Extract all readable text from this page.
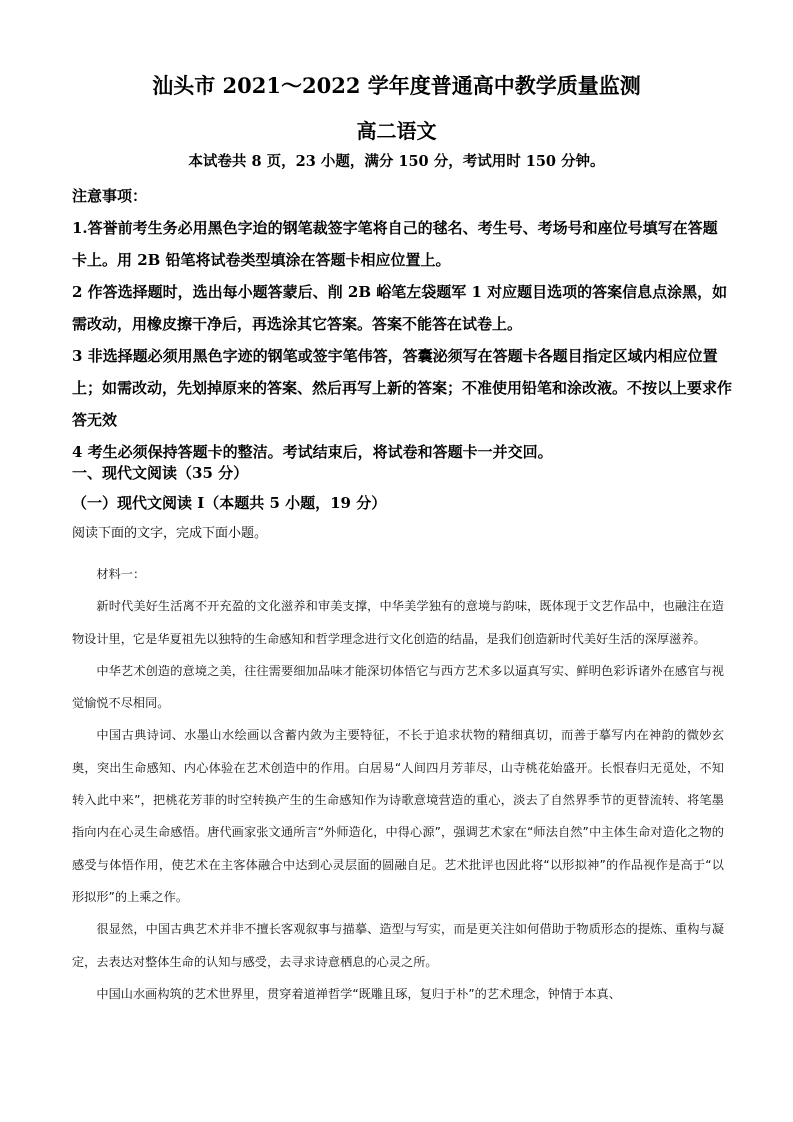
汕头市 2021～2022 学年度普通高中教学质量监测
高二语文
本试卷共 8 页，23 小题，满分 150 分，考试用时 150 分钟。

注意事项：

1.答誉前考生务必用黑色字迨的钢笔裁签字笔将自己的毬名、考生号、考场号和座位号填写在答题卡上。用 2B 铅笔将试卷类型填涂在答题卡相应位置上。

2 作答选择题时，选出每小题答蒙后、削 2B 峪笔左袋题军 1 对应题目选项的答案信息点涂黑，如需改动，用橡皮擦干净后，再选涂其它答案。答案不能答在试卷上。

3 非选择题必须用黑色字迹的钢笔或签宇笔伟答，答囊泌须写在答题卡各题目指定区域内相应位置上；如需改动，先划掉原来的答案、然后再写上新的答案；不准使用铅笔和涂改液。不按以上要求作答无效

4 考生必须保持答题卡的整洁。考试结束后，将试卷和答题卡一并交回。

一、现代文阅读（35 分）

（一）现代文阅读 I（本题共 5 小题，19 分）

阅读下面的文字，完成下面小题。

材料一：

新时代美好生活离不开充盈的文化滋养和审美支撑，中华美学独有的意境与韵味，既体现于文艺作品中，也融注在造物设计里，它是华夏祖先以独特的生命感知和哲学理念进行文化创造的结晶，是我们创造新时代美好生活的深厚滋养。

中华艺术创造的意境之美，往往需要细加品味才能深切体悟它与西方艺术多以逼真写实、鲜明色彩诉诸外在感官与视觉愉悦不尽相同。

中国古典诗词、水墨山水绘画以含蓄内敛为主要特征，不长于追求状物的精细真切，而善于摹写内在神韵的微妙玄奥，突出生命感知、内心体验在艺术创造中的作用。白居易“人间四月芳菲尽，山寺桃花始盛开。长恨春归无觅处，不知转入此中来”，把桃花芳菲的时空转换产生的生命感知作为诗歌意境营造的重心，淡去了自然界季节的更替流转、将笔墨指向内在心灵生命感悟。唐代画家张文通所言“外师造化，中得心源”，强调艺术家在“师法自然”中主体生命对造化之物的感受与体悟作用，使艺术在主客体融合中达到心灵层面的圆融自足。艺术批评也因此将“以形拟神”的作品视作是高于“以形拟形”的上乘之作。

很显然，中国古典艺术并非不擅长客观叙事与描摹、造型与写实，而是更关注如何借助于物质形态的提炼、重构与凝定，去表达对整体生命的认知与感受，去寻求诗意栖息的心灵之所。

中国山水画构筑的艺术世界里，贯穿着道禅哲学“既雕且琢，复归于朴”的艺术理念，钟情于本真、
